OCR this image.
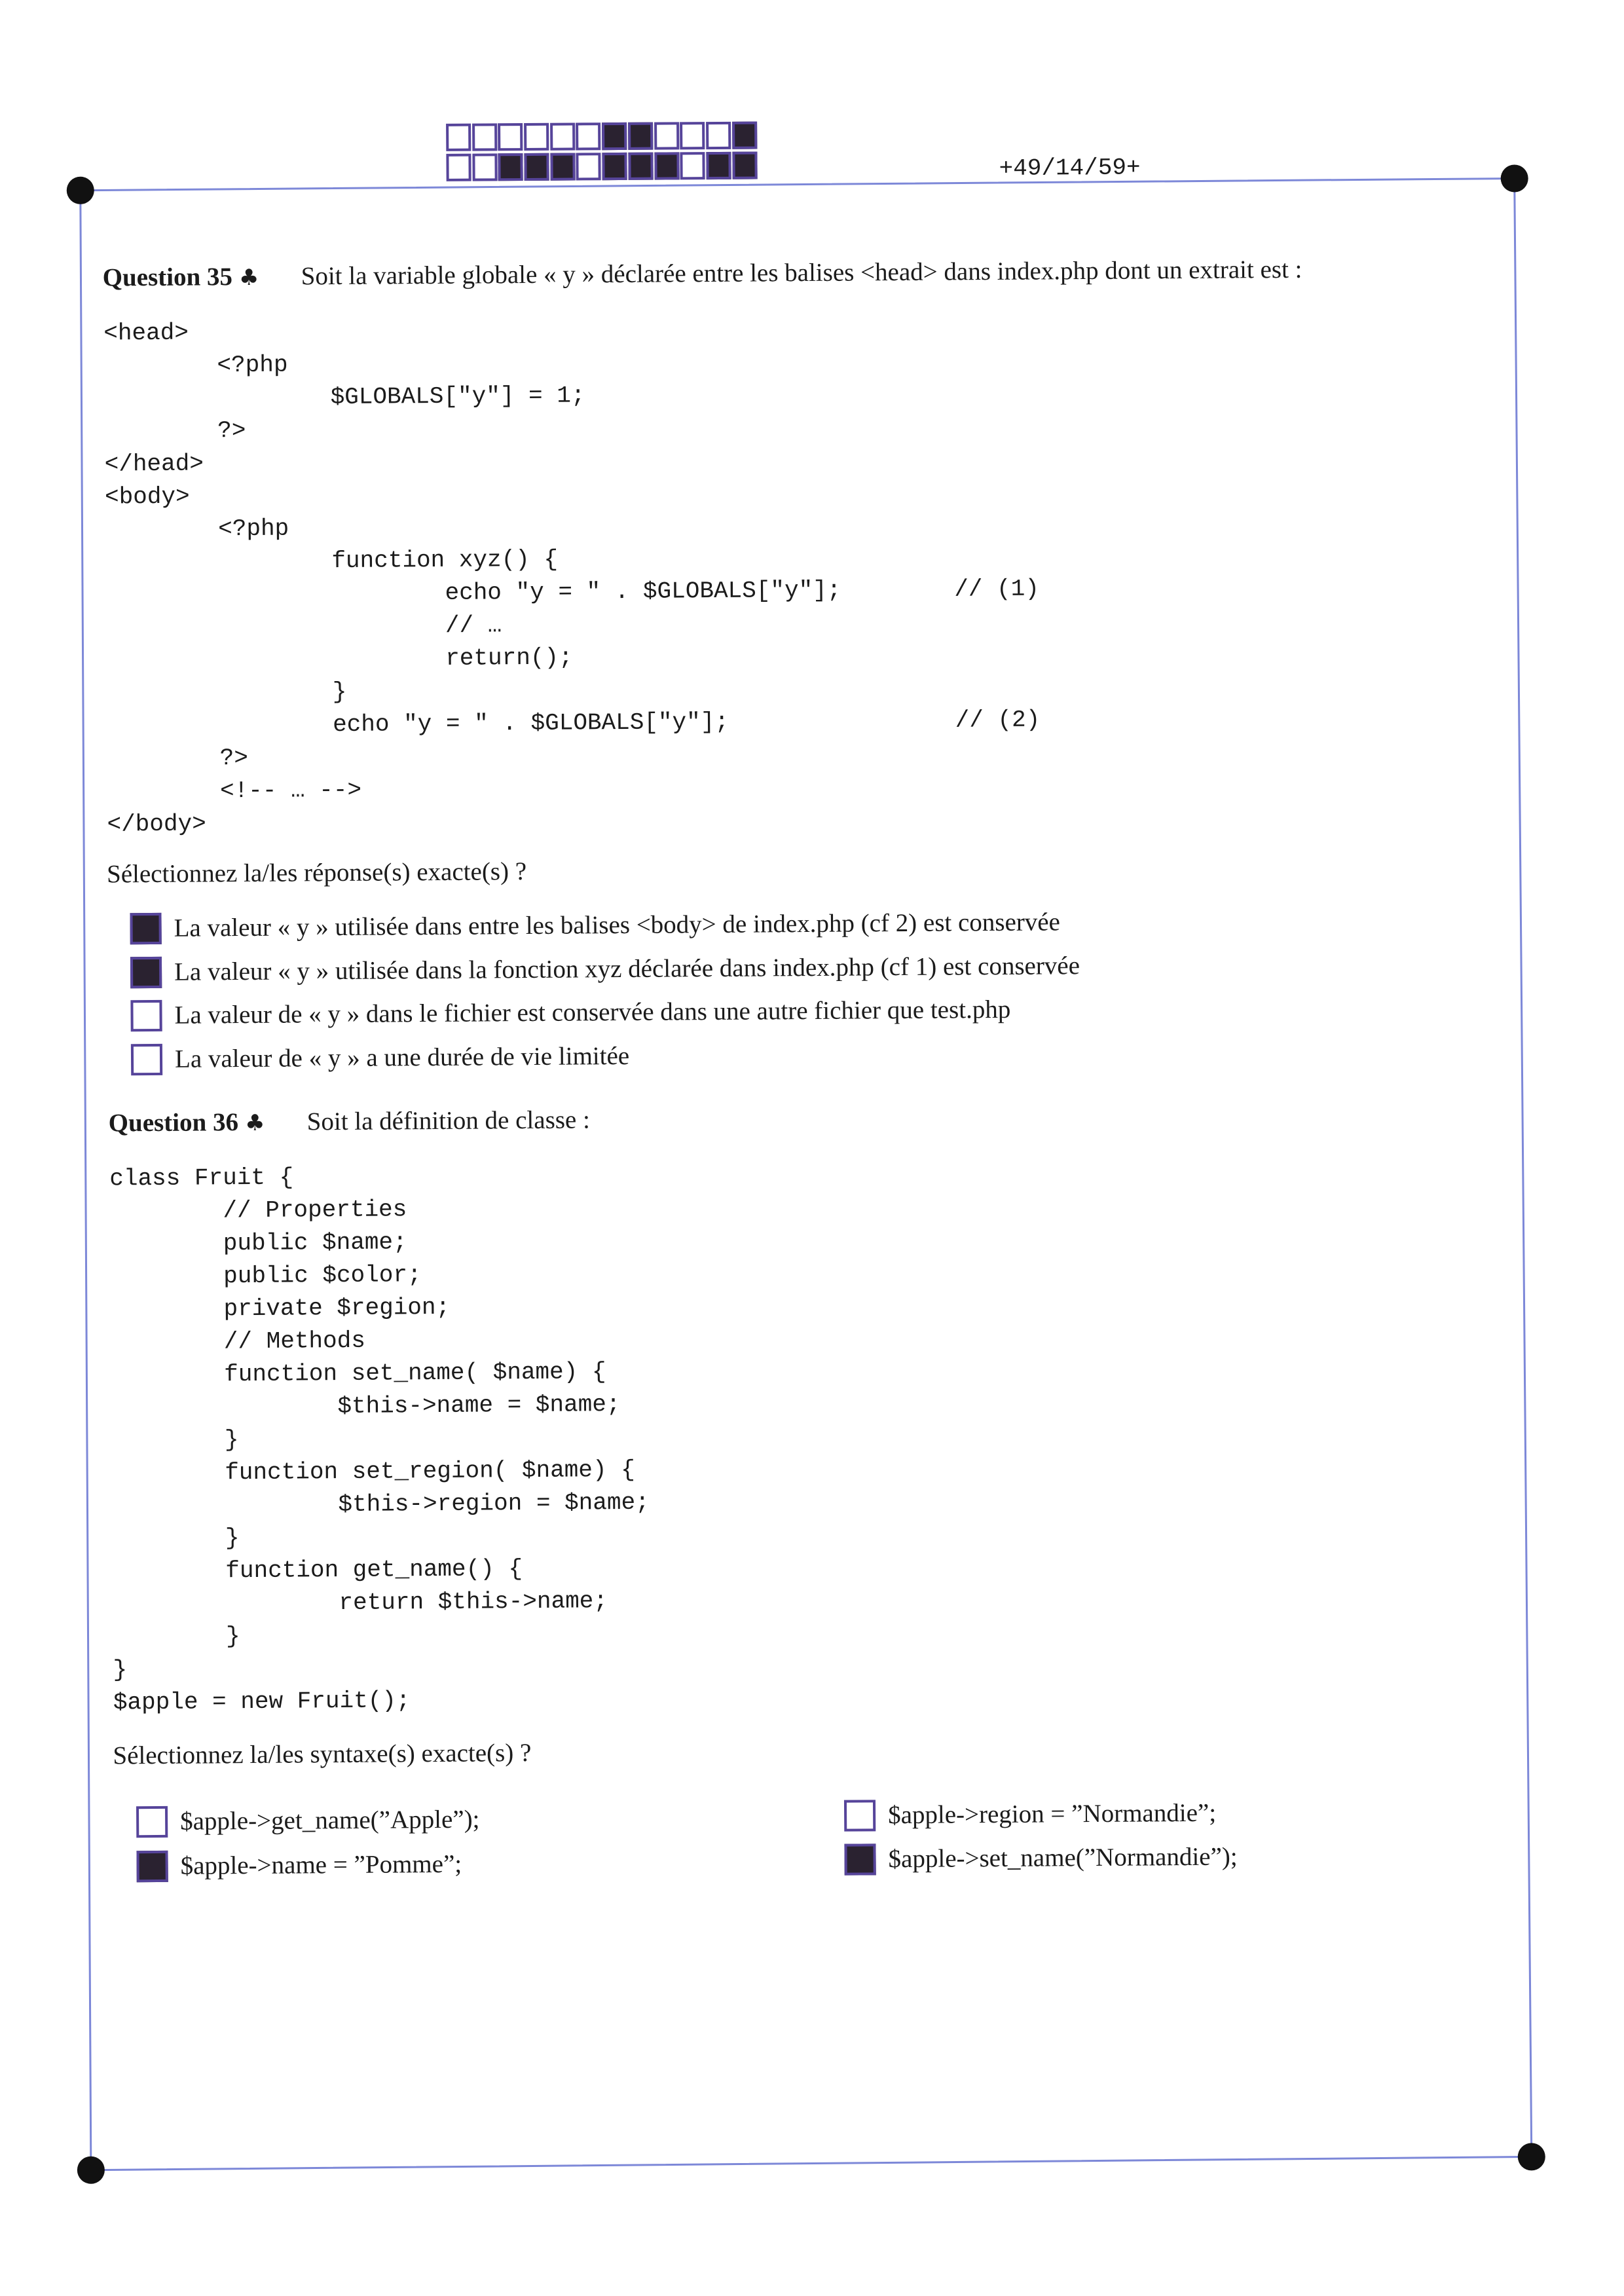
+49/14/59+
Question 35 ♣ Soit la variable globale « y » déclarée entre les balises <head> dans index.php dont un extrait est :
<head>
<?php
$GLOBALS["y"] = 1;
?>
</head>
<body>
<?php
function xyz() {
echo "y = " . $GLOBALS["y"];        // (1)
// …
return();
}
echo "y = " . $GLOBALS["y"];                // (2)
?>
<!-- … -->
</body>
Sélectionnez la/les réponse(s) exacte(s) ?
La valeur « y » utilisée dans entre les balises <body> de index.php (cf 2) est conservée
La valeur « y » utilisée dans la fonction xyz déclarée dans index.php (cf 1) est conservée
La valeur de « y » dans le fichier est conservée dans une autre fichier que test.php
La valeur de « y » a une durée de vie limitée
Question 36 ♣ Soit la définition de classe :
class Fruit {
// Properties
public $name;
public $color;
private $region;
// Methods
function set_name( $name) {
$this->name = $name;
}
function set_region( $name) {
$this->region = $name;
}
function get_name() {
return $this->name;
}
}
$apple = new Fruit();
Sélectionnez la/les syntaxe(s) exacte(s) ?
$apple->get_name(”Apple”);
$apple->name = ”Pomme”;
$apple->region = ”Normandie”;
$apple->set_name(”Normandie”);
